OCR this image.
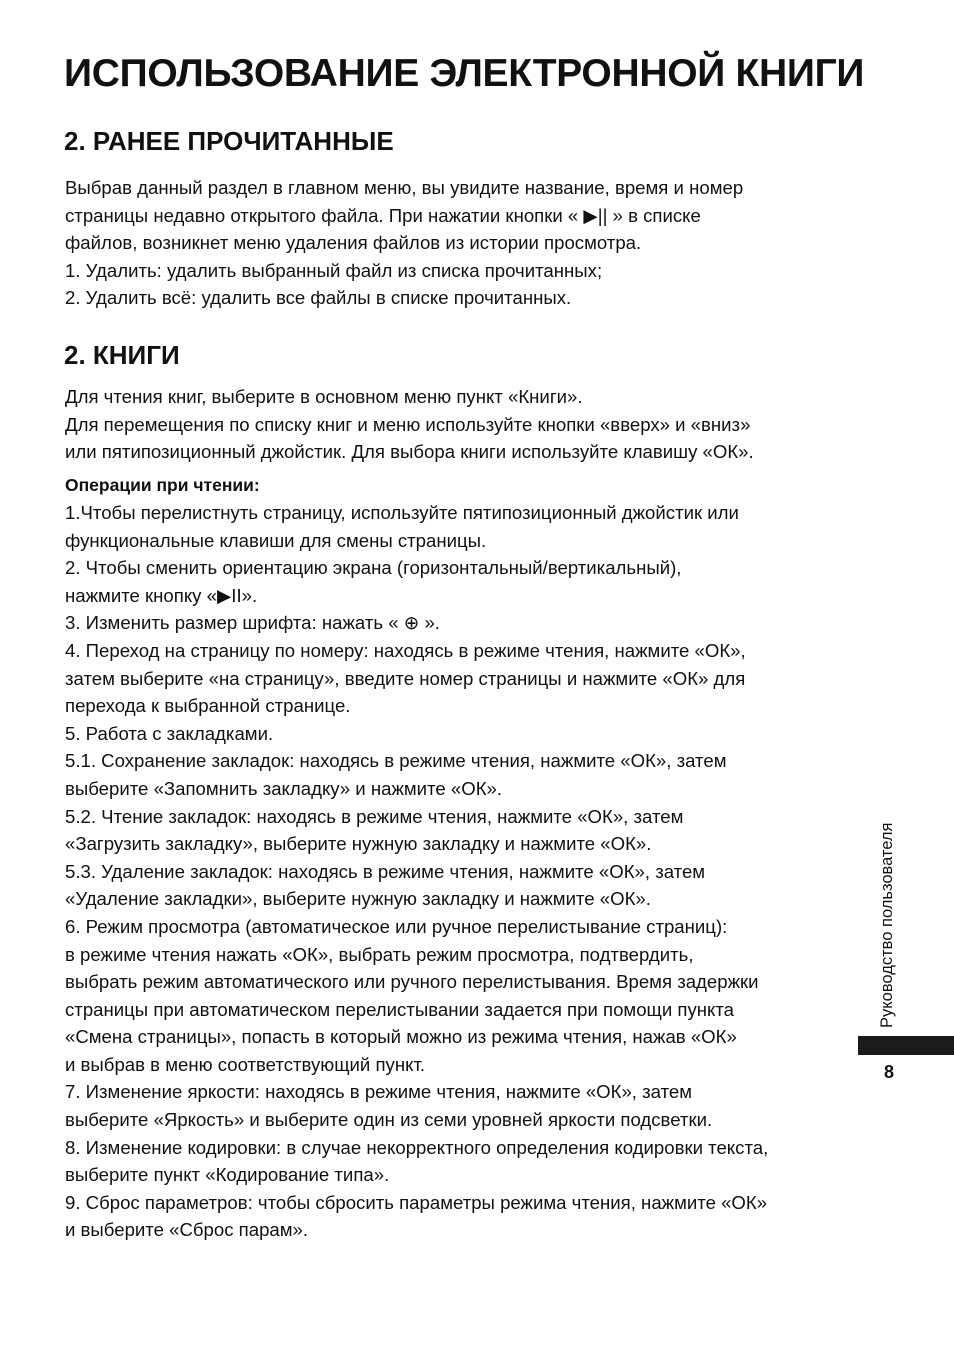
ИСПОЛЬЗОВАНИЕ ЭЛЕКТРОННОЙ КНИГИ
2. РАНЕЕ ПРОЧИТАННЫЕ
Выбрав данный раздел в главном меню, вы увидите название, время и номер
страницы недавно открытого файла. При нажатии кнопки « ▶|| » в списке
файлов, возникнет меню удаления файлов из истории просмотра.
1. Удалить: удалить выбранный файл из списка прочитанных;
2. Удалить всё: удалить все файлы в списке прочитанных.
2. КНИГИ
Для чтения книг, выберите в основном меню пункт «Книги».
Для перемещения по списку книг и меню используйте кнопки «вверх» и «вниз»
или пятипозиционный джойстик. Для выбора книги используйте клавишу «ОК».
Операции при чтении:
1.Чтобы перелистнуть страницу, используйте пятипозиционный джойстик или
функциональные клавиши для смены страницы.
2. Чтобы сменить ориентацию экрана (горизонтальный/вертикальный),
нажмите кнопку «▶II».
3. Изменить размер шрифта: нажать « ⊕ ».
4. Переход на страницу по номеру: находясь в режиме чтения, нажмите «ОК»,
затем выберите «на страницу», введите номер страницы и нажмите «ОК» для
перехода к выбранной странице.
5. Работа с закладками.
5.1. Сохранение закладок: находясь в режиме чтения, нажмите «ОК», затем
выберите «Запомнить закладку» и нажмите «ОК».
5.2. Чтение закладок: находясь в режиме чтения, нажмите «ОК», затем
«Загрузить закладку», выберите нужную закладку и нажмите «ОК».
5.3. Удаление закладок: находясь в режиме чтения, нажмите «ОК», затем
«Удаление закладки», выберите нужную закладку и нажмите «ОК».
6. Режим просмотра (автоматическое или ручное перелистывание страниц):
в режиме чтения нажать «ОК», выбрать режим просмотра, подтвердить,
выбрать режим автоматического или ручного перелистывания. Время задержки
страницы при автоматическом перелистывании задается при помощи пункта
«Смена страницы», попасть в который можно из режима чтения, нажав «ОК»
и выбрав в меню соответствующий пункт.
7. Изменение яркости: находясь в режиме чтения, нажмите «ОК», затем
выберите «Яркость» и выберите один из семи уровней яркости подсветки.
8. Изменение кодировки: в случае некорректного определения кодировки текста,
выберите пункт «Кодирование типа».
9. Сброс параметров: чтобы сбросить параметры режима чтения, нажмите «ОК»
и выберите «Сброс парам».
Руководство пользователя
8
